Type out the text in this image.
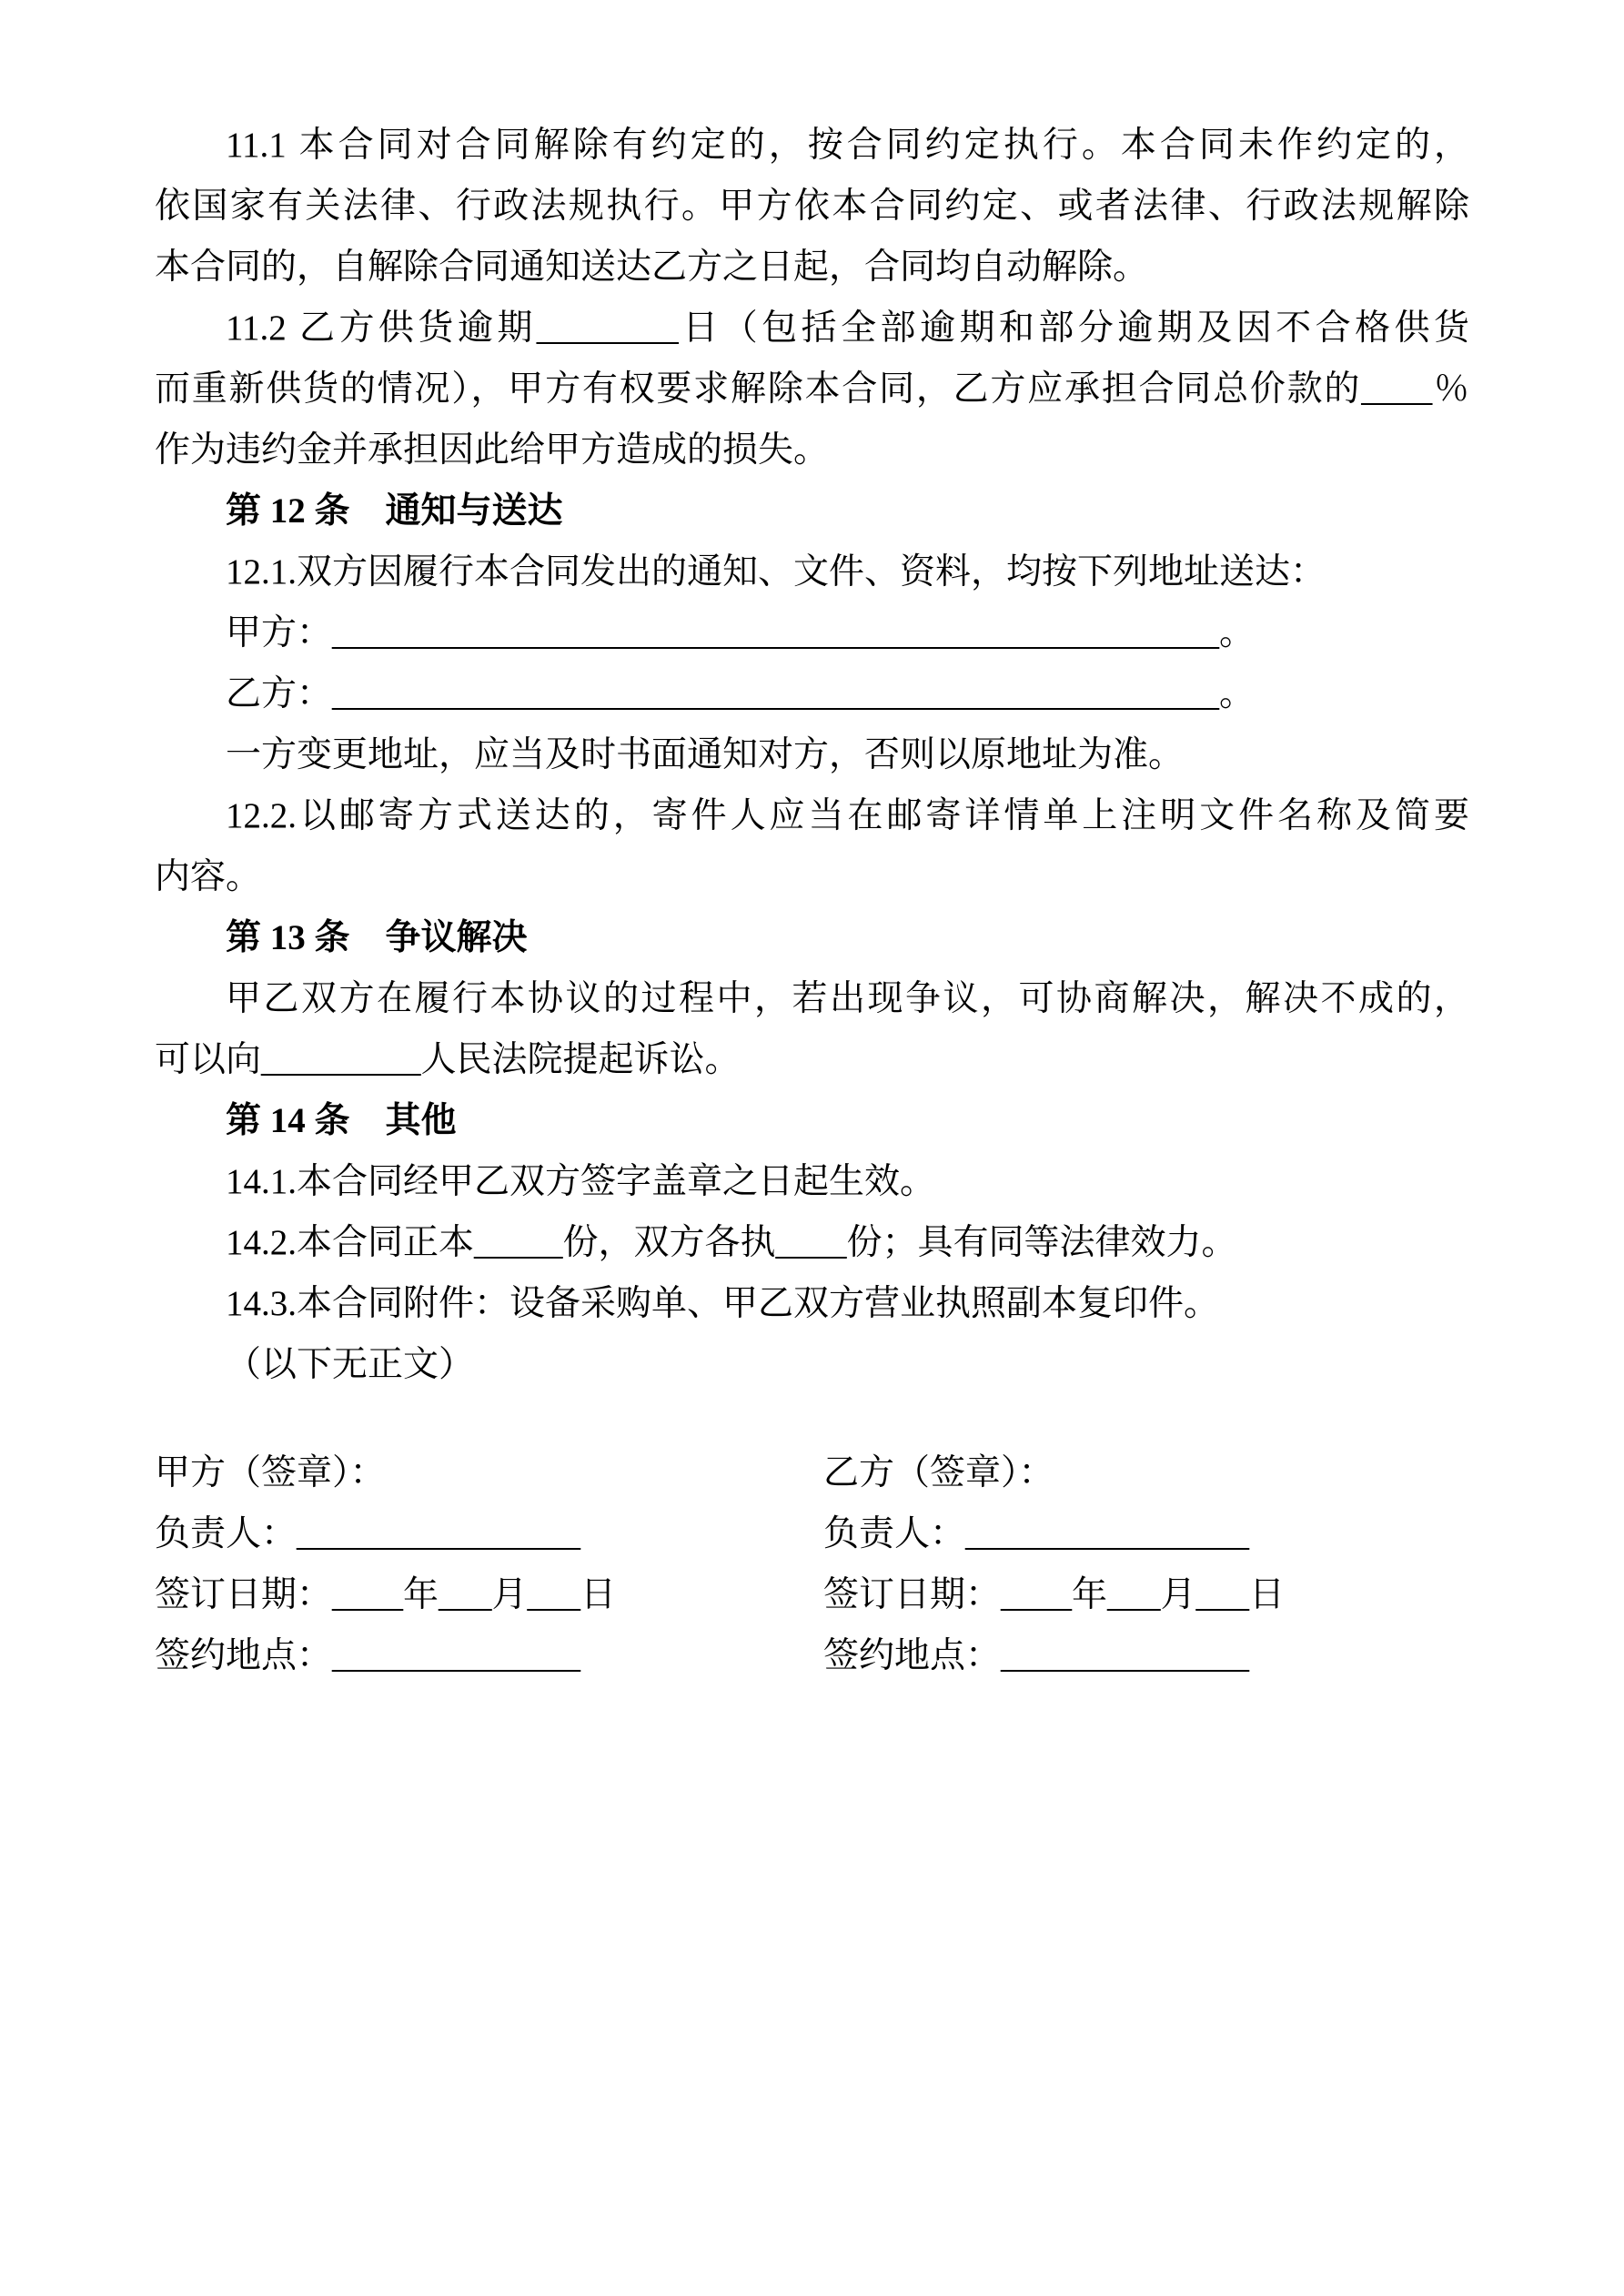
11.1 本合同对合同解除有约定的，按合同约定执行。本合同未作约定的，

依国家有关法律、行政法规执行。甲方依本合同约定、或者法律、行政法规解除

本合同的，自解除合同通知送达乙方之日起，合同均自动解除。

11.2 乙方供货逾期________日（包括全部逾期和部分逾期及因不合格供货

而重新供货的情况），甲方有权要求解除本合同，乙方应承担合同总价款的____％

作为违约金并承担因此给甲方造成的损失。

第 12 条　通知与送达

12.1.双方因履行本合同发出的通知、文件、资料，均按下列地址送达：

甲方：__________________________________________________。

乙方：__________________________________________________。

一方变更地址，应当及时书面通知对方，否则以原地址为准。

12.2.以邮寄方式送达的，寄件人应当在邮寄详情单上注明文件名称及简要

内容。

第 13 条　争议解决

甲乙双方在履行本协议的过程中，若出现争议，可协商解决，解决不成的，

可以向_________人民法院提起诉讼。

第 14 条　其他

14.1.本合同经甲乙双方签字盖章之日起生效。

14.2.本合同正本_____份，双方各执____份；具有同等法律效力。

14.3.本合同附件：设备采购单、甲乙双方营业执照副本复印件。

（以下无正文）

甲方（签章）：

负责人：________________

签订日期：____年___月___日

签约地点：______________

乙方（签章）：

负责人：________________

签订日期：____年___月___日

签约地点：______________
